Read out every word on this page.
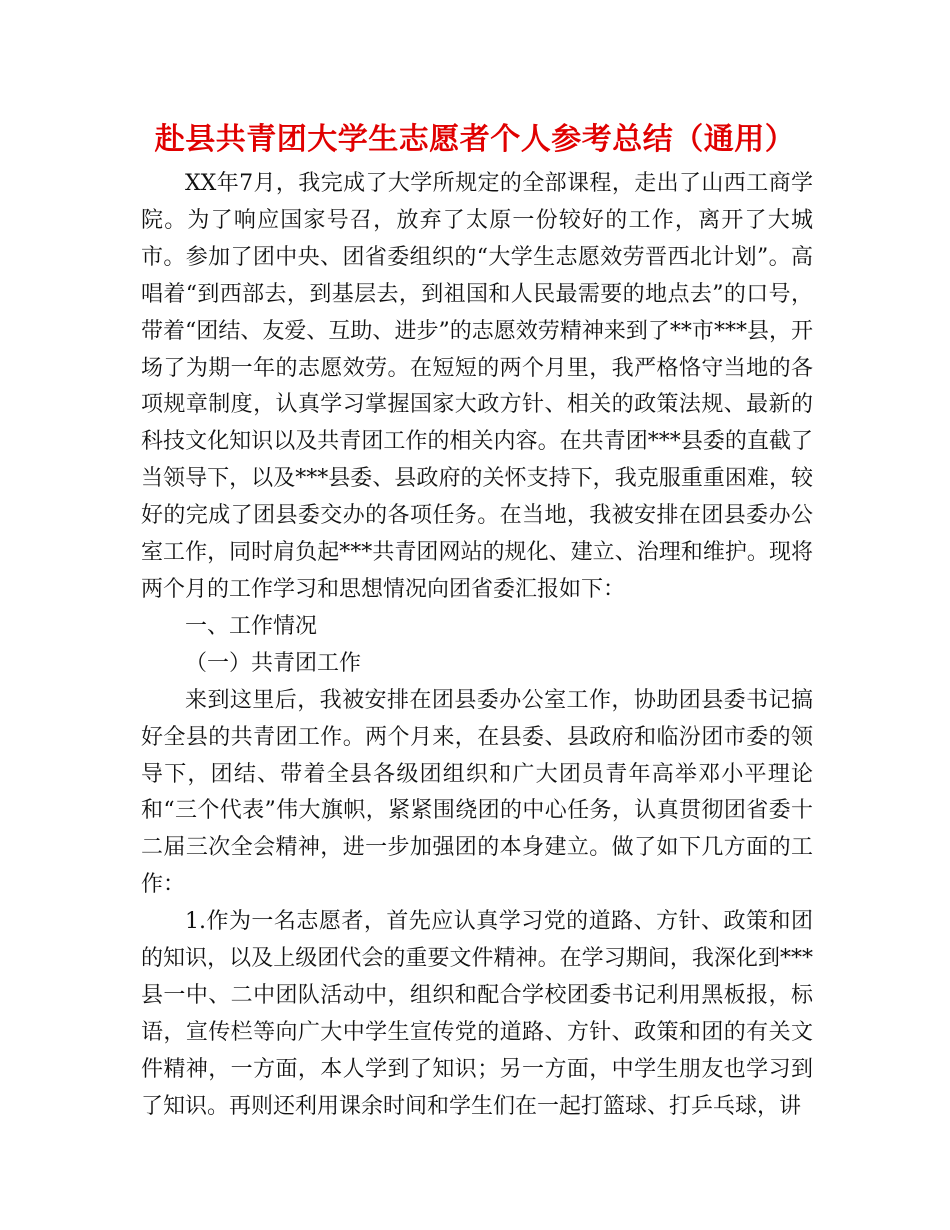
赴县共青团大学生志愿者个人参考总结（通用）

XX年7月，我完成了大学所规定的全部课程，走出了山西工商学院。为了响应国家号召，放弃了太原一份较好的工作，离开了大城市。参加了团中央、团省委组织的“大学生志愿效劳晋西北计划”。高唱着“到西部去，到基层去，到祖国和人民最需要的地点去”的口号，带着“团结、友爱、互助、进步”的志愿效劳精神来到了**市***县，开场了为期一年的志愿效劳。在短短的两个月里，我严格恪守当地的各项规章制度，认真学习掌握国家大政方针、相关的政策法规、最新的科技文化知识以及共青团工作的相关内容。在共青团***县委的直截了当领导下，以及***县委、县政府的关怀支持下，我克服重重困难，较好的完成了团县委交办的各项任务。在当地，我被安排在团县委办公室工作，同时肩负起***共青团网站的规化、建立、治理和维护。现将两个月的工作学习和思想情况向团省委汇报如下：

一、工作情况

（一）共青团工作

来到这里后，我被安排在团县委办公室工作，协助团县委书记搞好全县的共青团工作。两个月来，在县委、县政府和临汾团市委的领导下，团结、带着全县各级团组织和广大团员青年高举邓小平理论和“三个代表”伟大旗帜，紧紧围绕团的中心任务，认真贯彻团省委十二届三次全会精神，进一步加强团的本身建立。做了如下几方面的工作：

1.作为一名志愿者，首先应认真学习党的道路、方针、政策和团的知识，以及上级团代会的重要文件精神。在学习期间，我深化到***县一中、二中团队活动中，组织和配合学校团委书记利用黑板报，标语，宣传栏等向广大中学生宣传党的道路、方针、政策和团的有关文件精神，一方面，本人学到了知识；另一方面，中学生朋友也学习到了知识。再则还利用课余时间和学生们在一起打篮球、打乒乓球，讲
